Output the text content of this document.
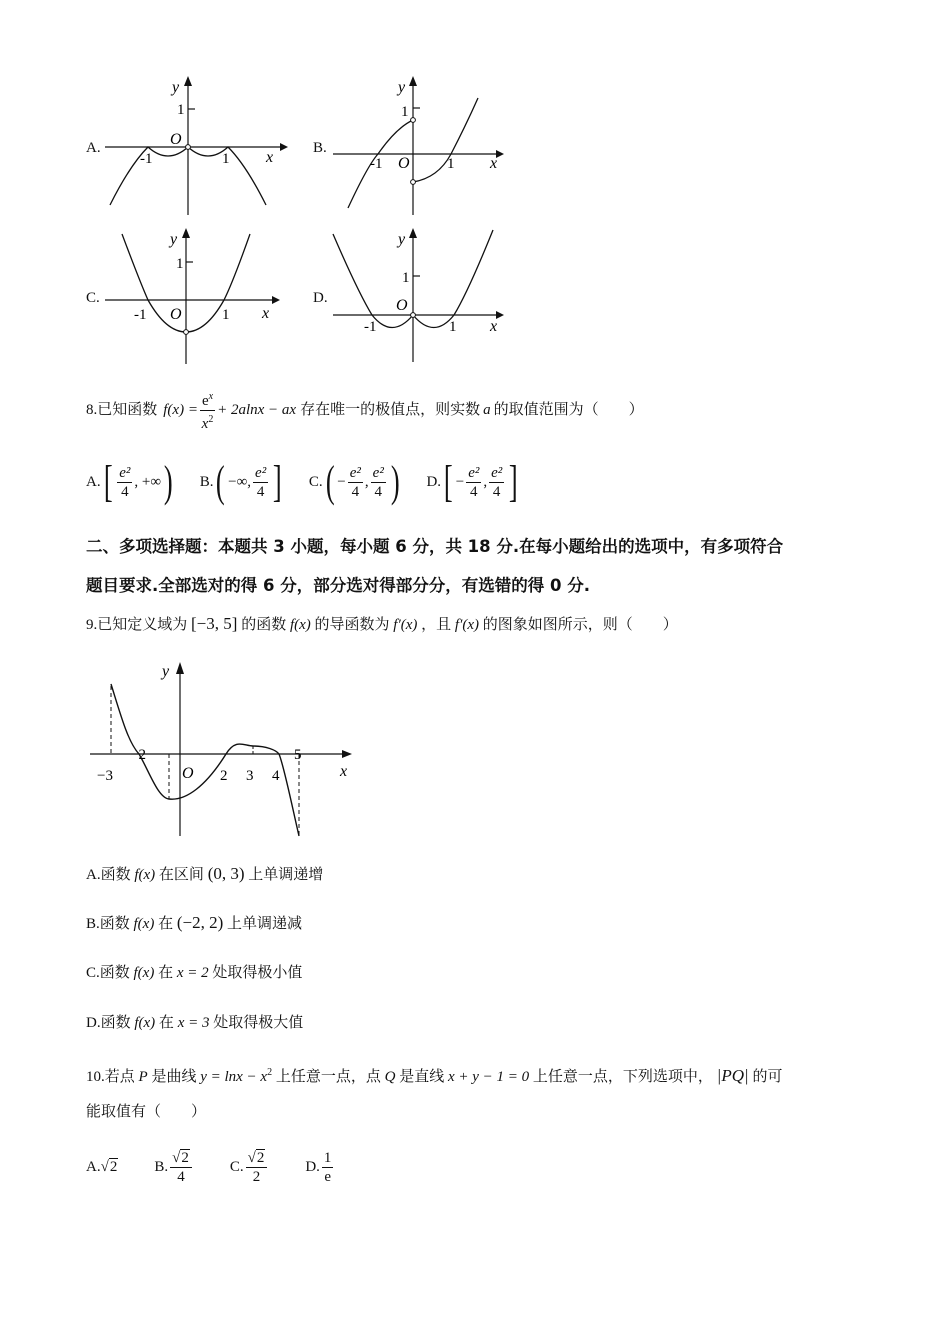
A.
y
1
O
-1	1 x
B.
y
1
O
-1	1 x
C.
y
1
O
-1	1 x
D.
y
1
O
-1	1 x
8.已知函数 $f(x) = \frac{e^x}{x^2} + 2alnx$ − ax 存在唯一的极值点，则实数 a 的取值范围为（　　）
A. [ $\frac{\text{e²}}{4}$ , +∞ ) B. ( −∞, $\frac{\text{e²}}{4}$ ] C. ( − $\frac{\text{e²}}{4}$ , $\frac{\text{e²}}{4}$ ) D. [ − $\frac{\text{e²}}{4}$ , $\frac{\text{e²}}{4}$ ]
二、多项选择题：本题共 3 小题，每小题 6 分，共 18 分.在每小题给出的选项中，有多项符合
题目要求.全部选对的得 6 分，部分选对得部分分，有选错的得 0 分.
9.已知定义域为 [−3, 5] 的函数 f(x) 的导函数为 f′(x) ，且 f′(x) 的图象如图所示，则（　　）
y
x
O
−3
−2
2 3 4
5
A.函数 f(x) 在区间 (0, 3) 上单调递增
B.函数 f(x) 在 (−2, 2) 上单调递减
C.函数 f(x) 在 x = 2 处取得极小值
D.函数 f(x) 在 x = 3 处取得极大值
10.若点 P 是曲线 $y = \ln x - x^2$ 上任意一点，点 Q 是直线 x + y − 1 = 0 上任意一点，下列选项中， |PQ| 的可
能取值有（　　）
A. √2 B. $\frac{√2}{4}$	C. $\frac{√2}{2}$	D. $\frac{1}{e}$
